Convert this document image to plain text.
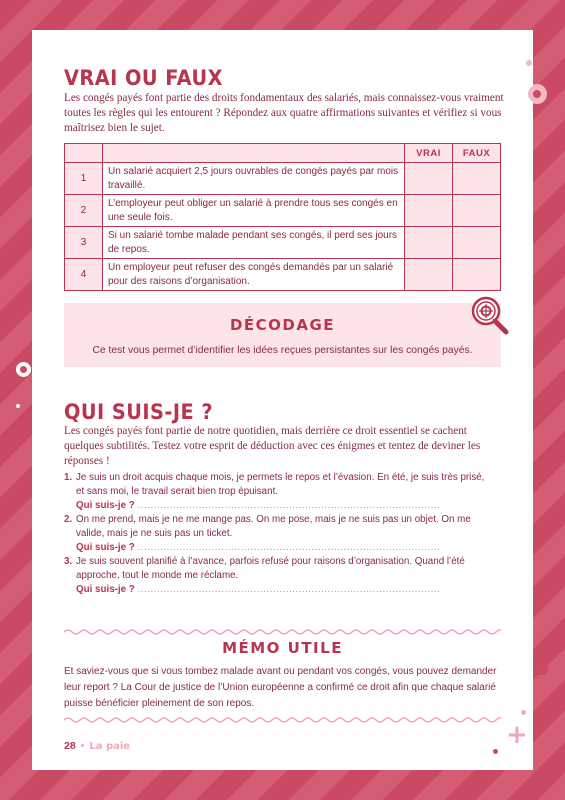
VRAI OU FAUX

Les congés payés font partie des droits fondamentaux des salariés, mais connaissez-vous vraiment toutes les règles qui les entourent ? Répondez aux quatre affirmations suivantes et vérifiez si vous maîtrisez bien le sujet.

		VRAI	FAUX
1	Un salarié acquiert 2,5 jours ouvrables de congés payés par mois travaillé.		
2	L’employeur peut obliger un salarié à prendre tous ses congés en une seule fois.		
3	Si un salarié tombe malade pendant ses congés, il perd ses jours de repos.		
4	Un employeur peut refuser des congés demandés par un salarié pour des raisons d’organisation.		
DÉCODAGE
Ce test vous permet d’identifier les idées reçues persistantes sur les congés payés.
QUI SUIS-JE ?

Les congés payés font partie de notre quotidien, mais derrière ce droit essentiel se cachent quelques subtilités. Testez votre esprit de déduction avec ces énigmes et tentez de deviner les réponses !

1. Je suis un droit acquis chaque mois, je permets le repos et l’évasion. En été, je suis très prisé,
et sans moi, le travail serait bien trop épuisant.
Qui suis-je ? ..............................................................................................
2. On me prend, mais je ne me mange pas. On me pose, mais je ne suis pas un objet. On me
valide, mais je ne suis pas un ticket.
Qui suis-je ? ..............................................................................................
3. Je suis souvent planifié à l’avance, parfois refusé pour raisons d’organisation. Quand l’été
approche, tout le monde me réclame.
Qui suis-je ? ..............................................................................................
MÉMO UTILE

Et saviez-vous que si vous tombez malade avant ou pendant vos congés, vous pouvez demander leur report ? La Cour de justice de l’Union européenne a confirmé ce droit afin que chaque salarié puisse bénéficier pleinement de son repos.

+
28 • La paie
